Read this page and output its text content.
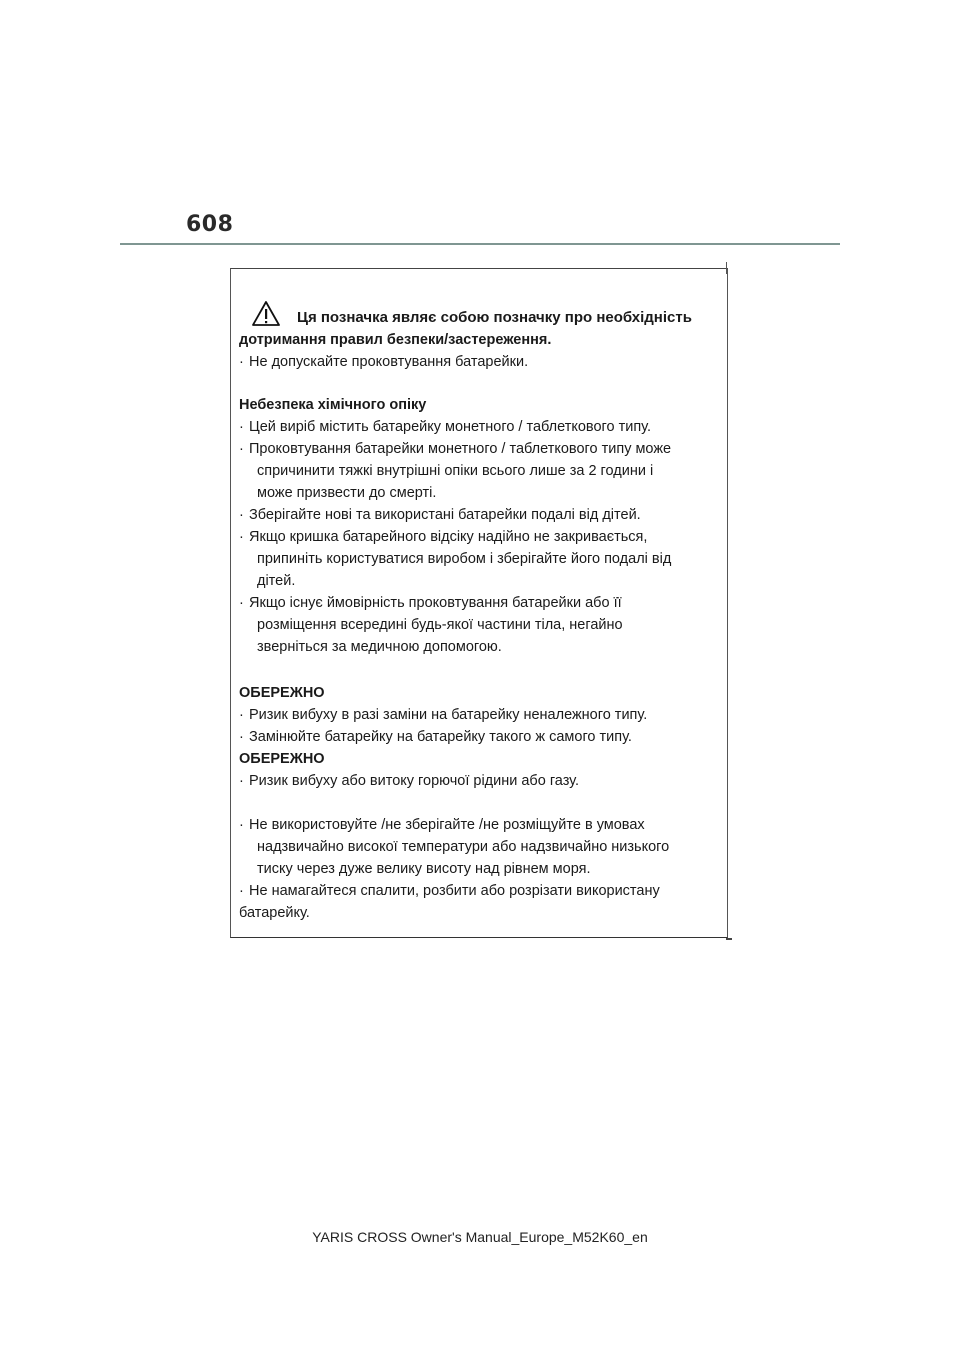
608
Ця позначка являє собою позначку про необхідність
дотримання правил безпеки/застереження.
· Не допускайте проковтування батарейки.
Небезпека хімічного опіку
· Цей виріб містить батарейку монетного / таблеткового типу.
· Проковтування батарейки монетного / таблеткового типу може
спричинити тяжкі внутрішні опіки всього лише за 2 години і
може призвести до смерті.
· Зберігайте нові та використані батарейки подалі від дітей.
· Якщо кришка батарейного відсіку надійно не закривається,
припиніть користуватися виробом і зберігайте його подалі від
дітей.
· Якщо існує ймовірність проковтування батарейки або її
розміщення всередині будь-якої частини тіла, негайно
зверніться за медичною допомогою.
ОБЕРЕЖНО
· Ризик вибуху в разі заміни на батарейку неналежного типу.
· Замінюйте батарейку на батарейку такого ж самого типу.
ОБЕРЕЖНО
· Ризик вибуху або витоку горючої рідини або газу.
· Не використовуйте /не зберігайте /не розміщуйте в умовах
надзвичайно високої температури або надзвичайно низького
тиску через дуже велику висоту над рівнем моря.
· Не намагайтеся спалити, розбити або розрізати використану
батарейку.
YARIS CROSS Owner's Manual_Europe_M52K60_en
